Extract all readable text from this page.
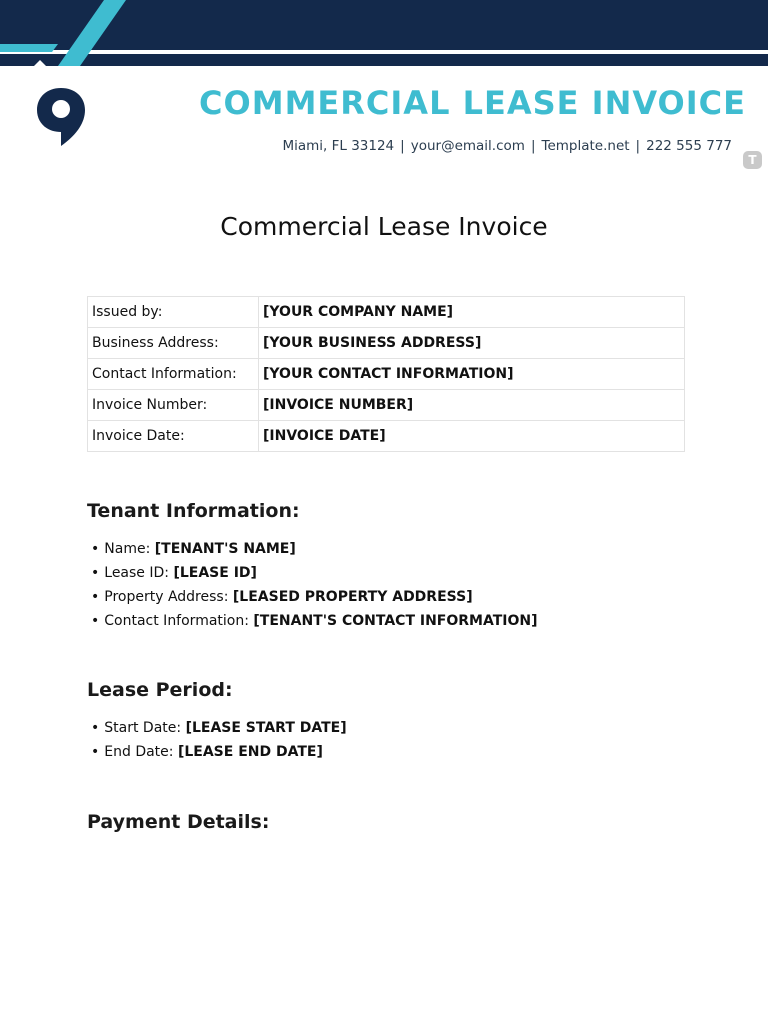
COMMERCIAL LEASE INVOICE
Miami, FL 33124 | your@email.com | Template.net | 222 555 777
T
Commercial Lease Invoice
Issued by:	[YOUR COMPANY NAME]
Business Address:	[YOUR BUSINESS ADDRESS]
Contact Information:	[YOUR CONTACT INFORMATION]
Invoice Number:	[INVOICE NUMBER]
Invoice Date:	[INVOICE DATE]
Tenant Information:
• Name: [TENANT'S NAME]
• Lease ID: [LEASE ID]
• Property Address: [LEASED PROPERTY ADDRESS]
• Contact Information: [TENANT'S CONTACT INFORMATION]
Lease Period:
• Start Date: [LEASE START DATE]
• End Date: [LEASE END DATE]
Payment Details:
